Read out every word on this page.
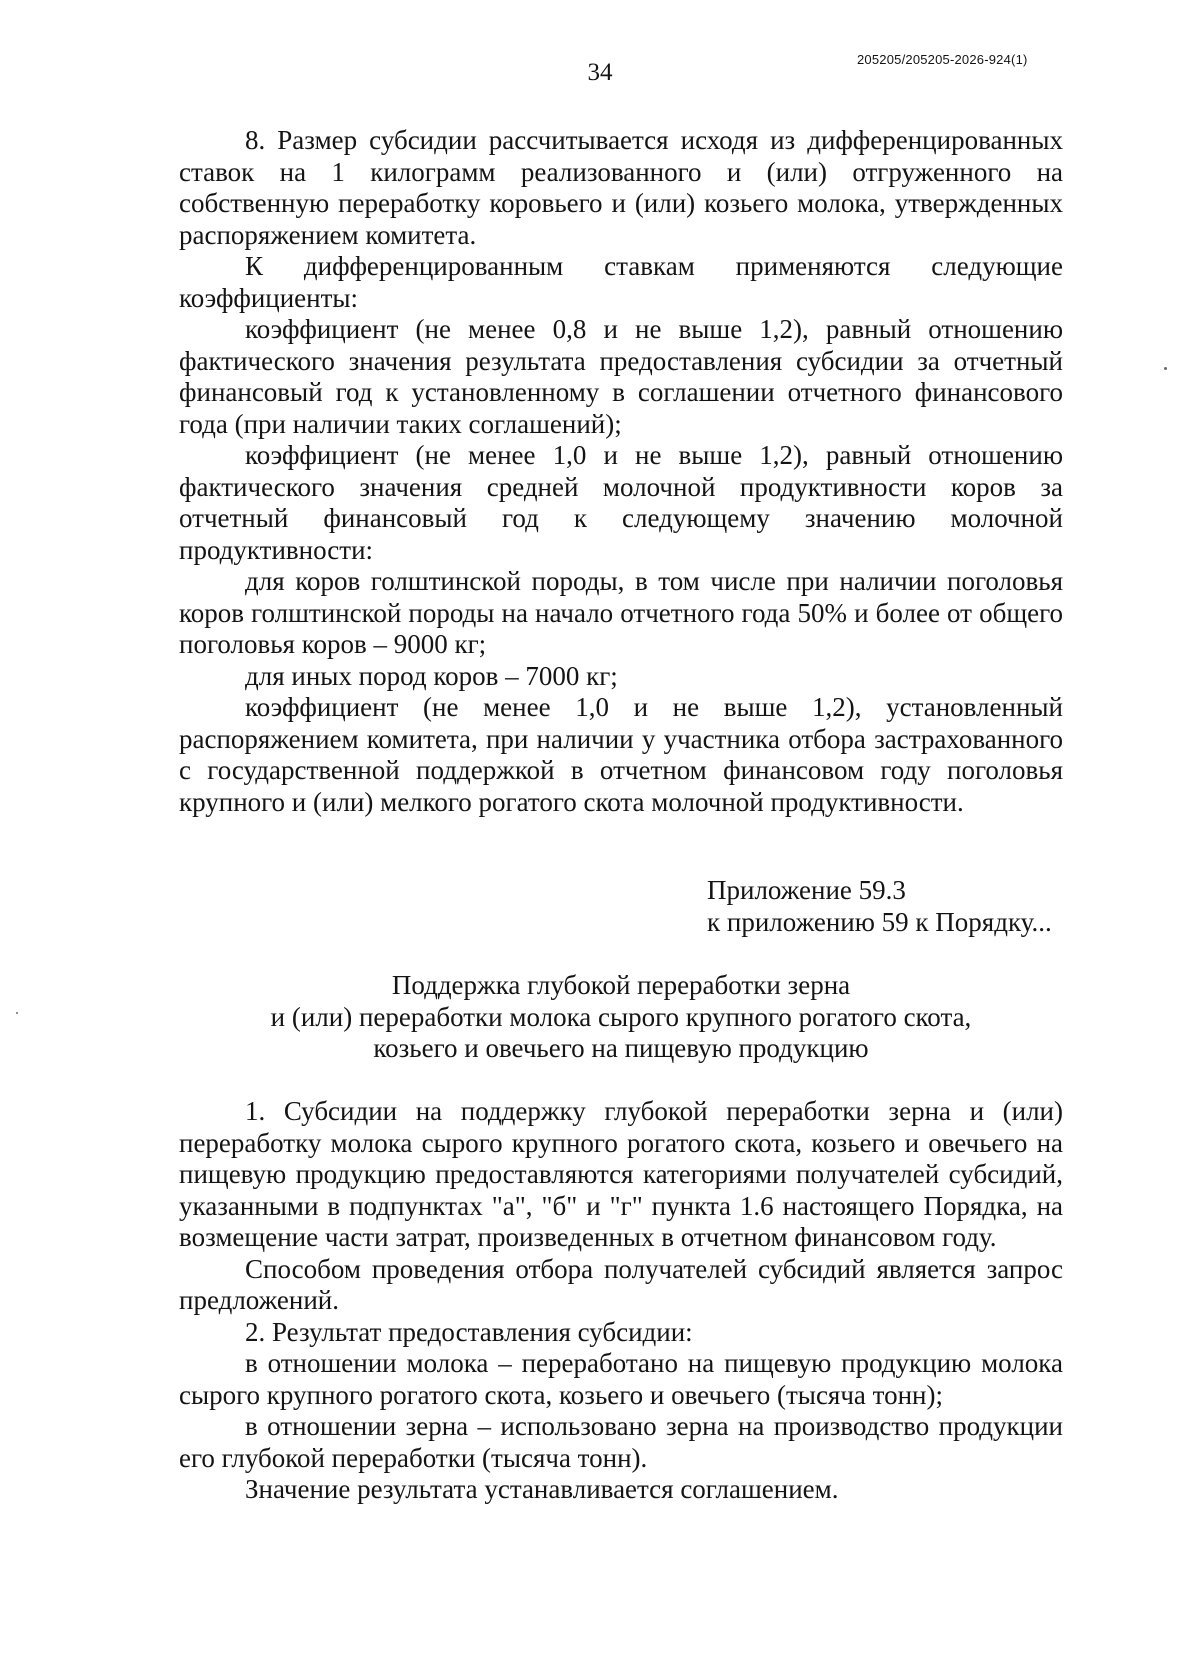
34	205205/205205-2026-924(1)

8. Размер субсидии рассчитывается исходя из дифференцированных ставок на 1 килограмм реализованного и (или) отгруженного на собственную переработку коровьего и (или) козьего молока, утвержденных распоряжением комитета.

К дифференцированным ставкам применяются следующие коэффициенты:

коэффициент (не менее 0,8 и не выше 1,2), равный отношению фактического значения результата предоставления субсидии за отчетный финансовый год к установленному в соглашении отчетного финансового года (при наличии таких соглашений);

коэффициент (не менее 1,0 и не выше 1,2), равный отношению фактического значения средней молочной продуктивности коров за отчетный финансовый год к следующему значению молочной продуктивности:

для коров голштинской породы, в том числе при наличии поголовья коров голштинской породы на начало отчетного года 50% и более от общего поголовья коров – 9000 кг;

для иных пород коров – 7000 кг;

коэффициент (не менее 1,0 и не выше 1,2), установленный распоряжением комитета, при наличии у участника отбора застрахованного с государственной поддержкой в отчетном финансовом году поголовья крупного и (или) мелкого рогатого скота молочной продуктивности.

Приложение 59.3
к приложению 59 к Порядку...
Поддержка глубокой переработки зерна
и (или) переработки молока сырого крупного рогатого скота,
козьего и овечьего на пищевую продукцию

1. Субсидии на поддержку глубокой переработки зерна и (или) переработку молока сырого крупного рогатого скота, козьего и овечьего на пищевую продукцию предоставляются категориями получателей субсидий, указанными в подпунктах "а", "б" и "г" пункта 1.6 настоящего Порядка, на возмещение части затрат, произведенных в отчетном финансовом году.

Способом проведения отбора получателей субсидий является запрос предложений.

2. Результат предоставления субсидии:

в отношении молока – переработано на пищевую продукцию молока сырого крупного рогатого скота, козьего и овечьего (тысяча тонн);

в отношении зерна – использовано зерна на производство продукции его глубокой переработки (тысяча тонн).

Значение результата устанавливается соглашением.
